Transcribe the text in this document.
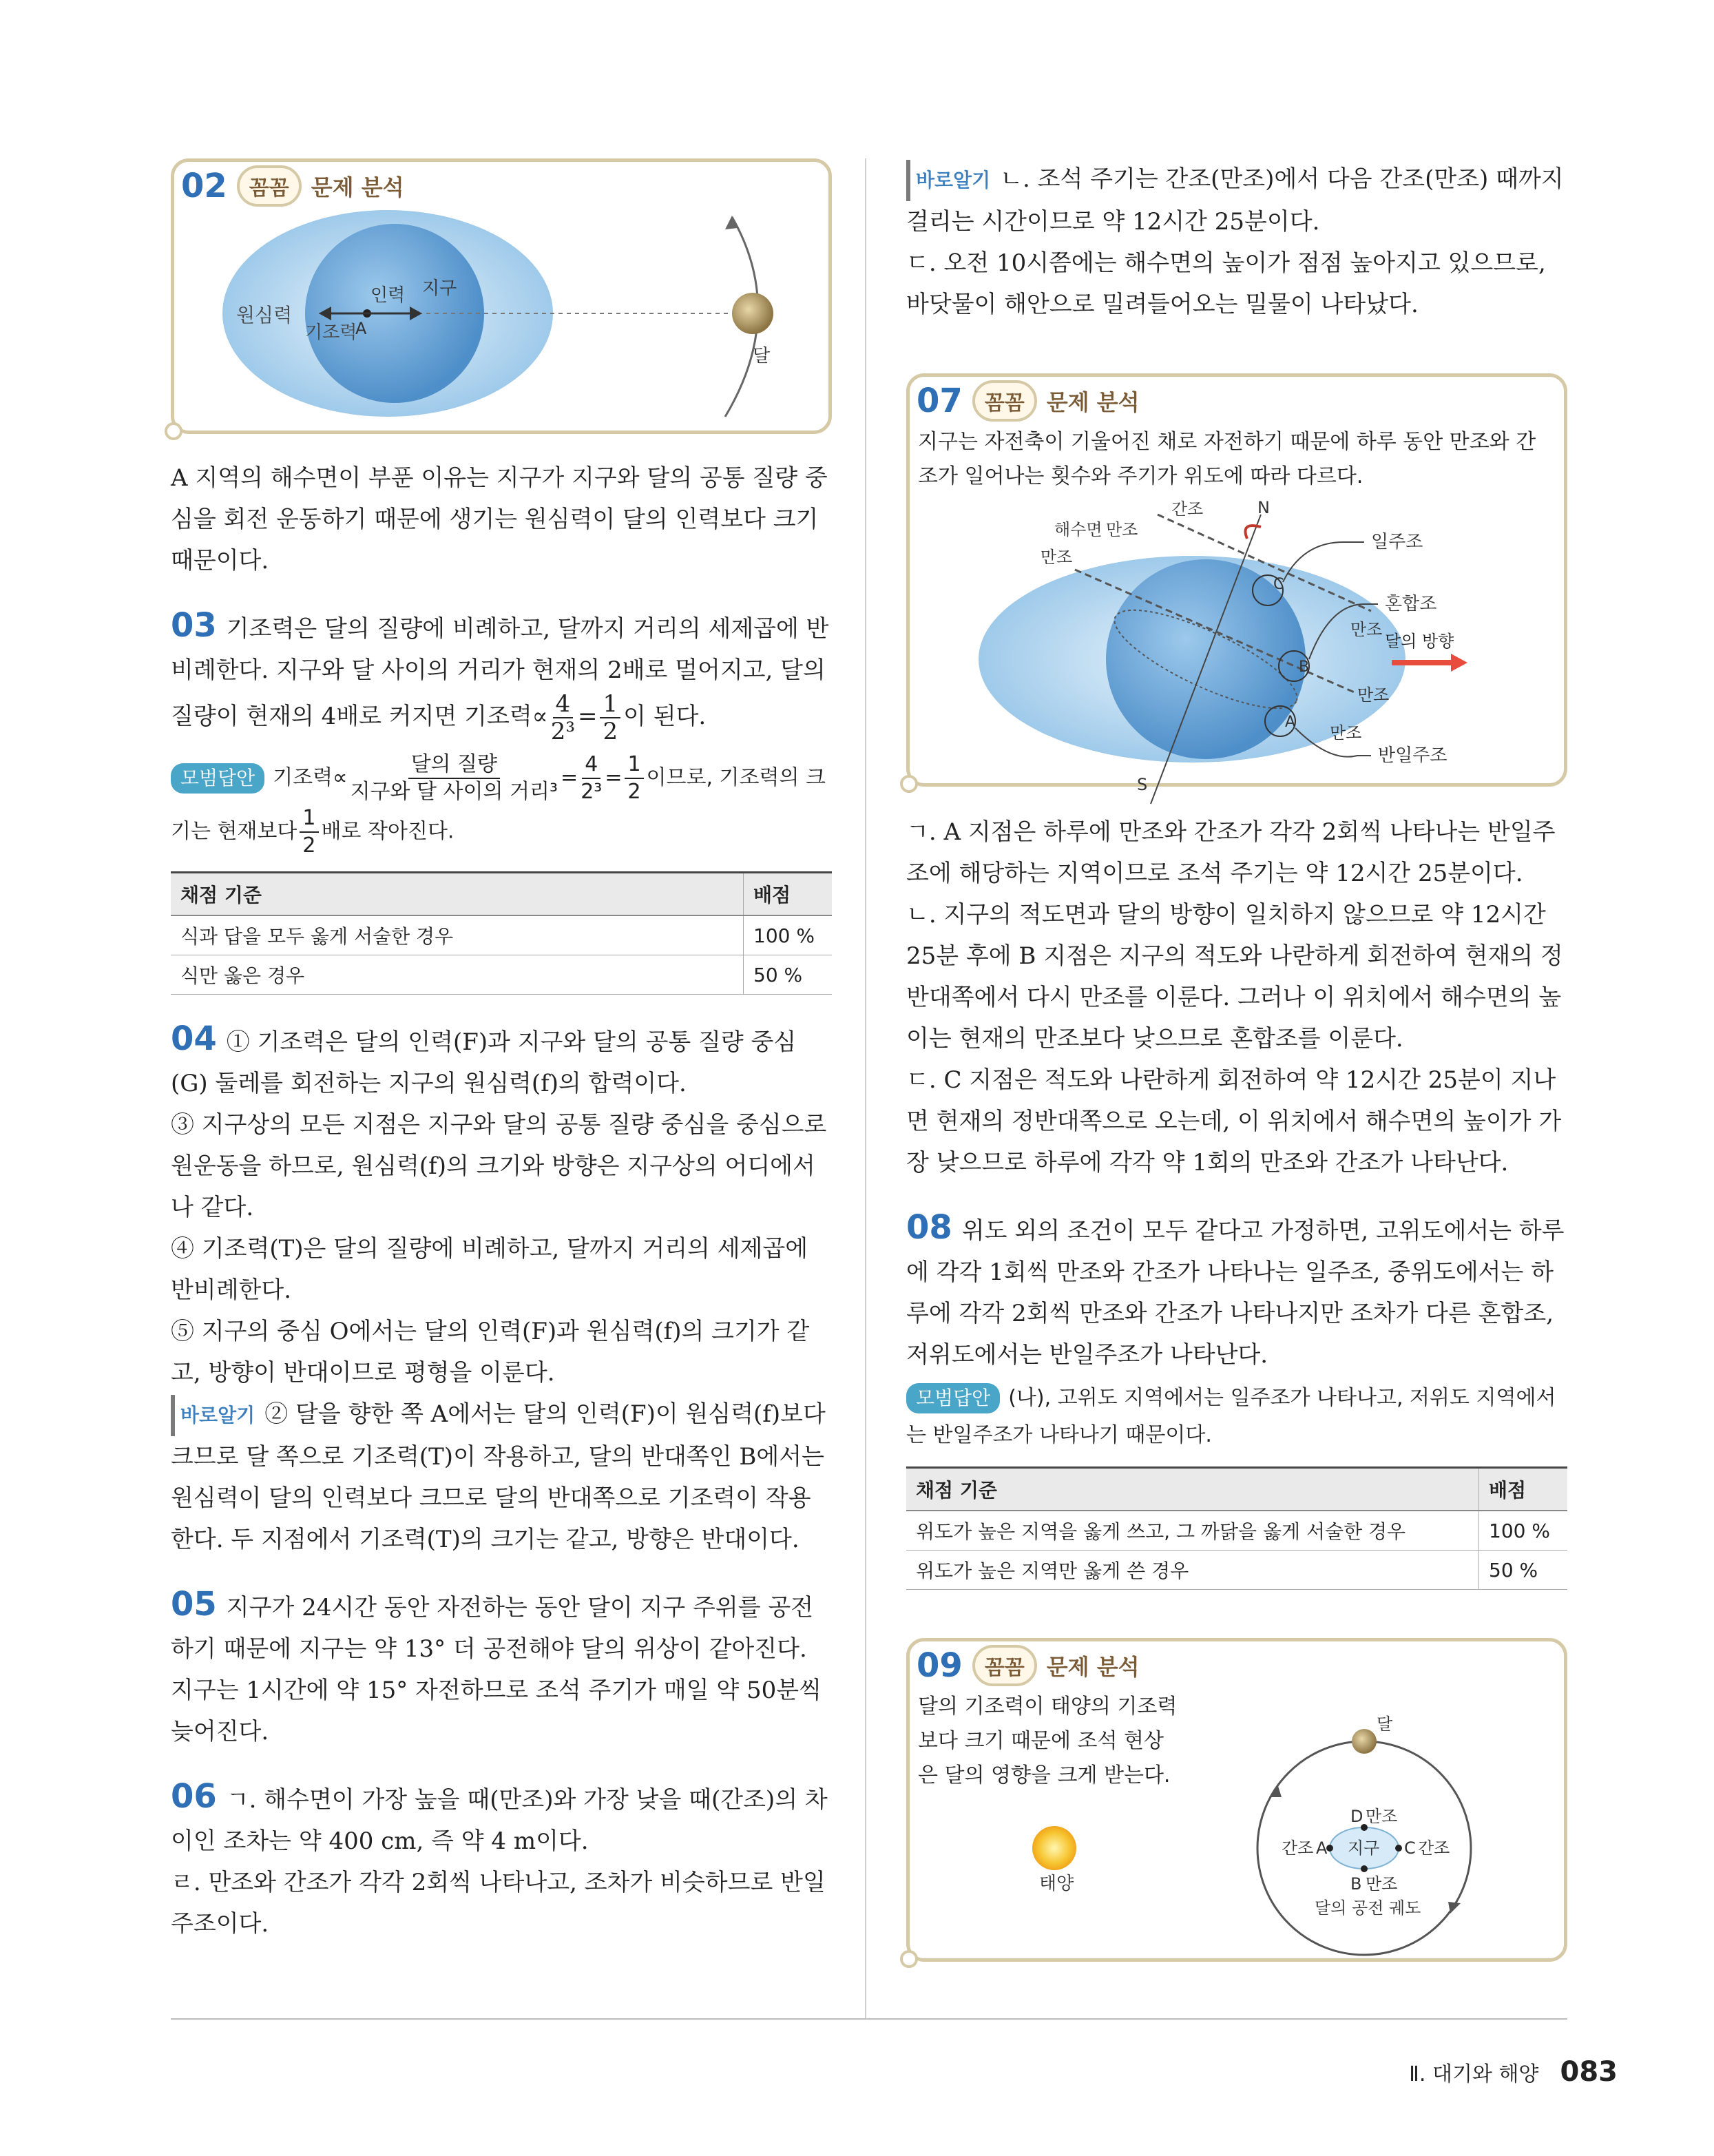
02	꼼꼼	문제 분석
원심력
인력 지구
기조력
A
달

A 지역의 해수면이 부푼 이유는 지구가 지구와 달의 공통 질량 중심을 회전 운동하기 때문에 생기는 원심력이 달의 인력보다 크기 때문이다.

03 기조력은 달의 질량에 비례하고, 달까지 거리의 세제곱에 반비례한다. 지구와 달 사이의 거리가 현재의 2배로 멀어지고, 달의 질량이 현재의 4배로 커지면 기조력∝ $\frac{4}{\text{2³}} = \frac{1}{2}$ 이 된다.

모범답안 기조력∝ $\frac{\text{달의 질량}}{\text{지구와 달 사이의 거리³}} = \frac{4}{\text{2³}} = \frac{1}{2}$ 이므로, 기조력의 크기는 현재보다 $\frac{1}{2}$ 배로 작아진다.

채점 기준	배점
식과 답을 모두 옳게 서술한 경우	100 %
식만 옳은 경우	50 %

04 ① 기조력은 달의 인력(F)과 지구와 달의 공통 질량 중심(G) 둘레를 회전하는 지구의 원심력(f)의 합력이다.

③ 지구상의 모든 지점은 지구와 달의 공통 질량 중심을 중심으로 원운동을 하므로, 원심력(f)의 크기와 방향은 지구상의 어디에서나 같다.

④ 기조력(T)은 달의 질량에 비례하고, 달까지 거리의 세제곱에 반비례한다.

⑤ 지구의 중심 O에서는 달의 인력(F)과 원심력(f)의 크기가 같고, 방향이 반대이므로 평형을 이룬다.

바로알기 ② 달을 향한 쪽 A에서는 달의 인력(F)이 원심력(f)보다 크므로 달 쪽으로 기조력(T)이 작용하고, 달의 반대쪽인 B에서는 원심력이 달의 인력보다 크므로 달의 반대쪽으로 기조력이 작용한다. 두 지점에서 기조력(T)의 크기는 같고, 방향은 반대이다.

05 지구가 24시간 동안 자전하는 동안 달이 지구 주위를 공전하기 때문에 지구는 약 13° 더 공전해야 달의 위상이 같아진다. 지구는 1시간에 약 15° 자전하므로 조석 주기가 매일 약 50분씩 늦어진다.

06 ㄱ. 해수면이 가장 높을 때(만조)와 가장 낮을 때(간조)의 차이인 조차는 약 400 cm, 즉 약 4 m이다.

ㄹ. 만조와 간조가 각각 2회씩 나타나고, 조차가 비슷하므로 반일주조이다.

바로알기 ㄴ. 조석 주기는 간조(만조)에서 다음 간조(만조) 때까지 걸리는 시간이므로 약 12시간 25분이다.

ㄷ. 오전 10시쯤에는 해수면의 높이가 점점 높아지고 있으므로, 바닷물이 해안으로 밀려들어오는 밀물이 나타났다.

07	꼼꼼	문제 분석
지구는 자전축이 기울어진 채로 자전하기 때문에 하루 동안 만조와 간조가 일어나는 횟수와 주기가 위도에 따라 다르다.
간조	N
S
해수면 만조
만조
C
B
A
일주조
혼합조
만조
달의 방향
만조
만조
반일주조

ㄱ. A 지점은 하루에 만조와 간조가 각각 2회씩 나타나는 반일주조에 해당하는 지역이므로 조석 주기는 약 12시간 25분이다.

ㄴ. 지구의 적도면과 달의 방향이 일치하지 않으므로 약 12시간 25분 후에 B 지점은 지구의 적도와 나란하게 회전하여 현재의 정반대쪽에서 다시 만조를 이룬다. 그러나 이 위치에서 해수면의 높이는 현재의 만조보다 낮으므로 혼합조를 이룬다.

ㄷ. C 지점은 적도와 나란하게 회전하여 약 12시간 25분이 지나면 현재의 정반대쪽으로 오는데, 이 위치에서 해수면의 높이가 가장 낮으므로 하루에 각각 약 1회의 만조와 간조가 나타난다.

08 위도 외의 조건이 모두 같다고 가정하면, 고위도에서는 하루에 각각 1회씩 만조와 간조가 나타나는 일주조, 중위도에서는 하루에 각각 2회씩 만조와 간조가 나타나지만 조차가 다른 혼합조, 저위도에서는 반일주조가 나타난다.

모범답안 (나), 고위도 지역에서는 일주조가 나타나고, 저위도 지역에서는 반일주조가 나타나기 때문이다.

채점 기준	배점
위도가 높은 지역을 옳게 쓰고, 그 까닭을 옳게 서술한 경우	100 %
위도가 높은 지역만 옳게 쓴 경우	50 %
09	꼼꼼	문제 분석
달의 기조력이 태양의 기조력보다 크기 때문에 조석 현상은 달의 영향을 크게 받는다.
태양
달
지구
D 만조
B 만조
간조 A	C 간조
달의 공전 궤도
Ⅱ. 대기와 해양 083
